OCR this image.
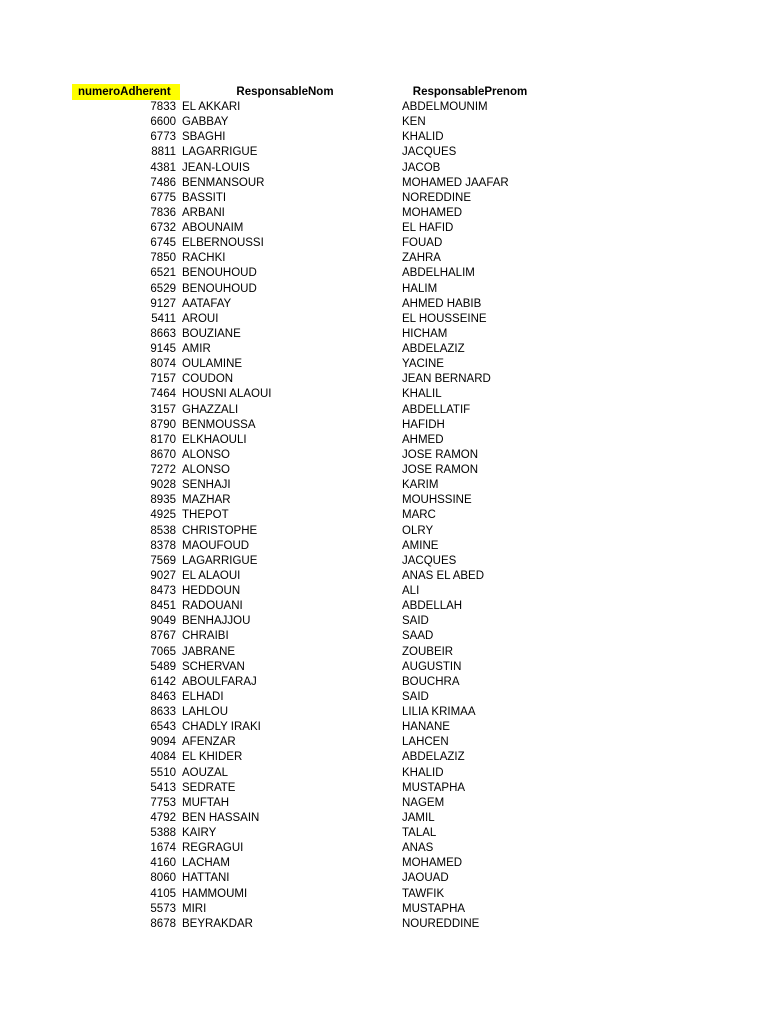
numeroAdherent	ResponsableNom	ResponsablePrenom
7833 EL AKKARI	ABDELMOUNIM
6600 GABBAY	KEN
6773 SBAGHI	KHALID
8811 LAGARRIGUE	JACQUES
4381 JEAN-LOUIS	JACOB
7486 BENMANSOUR	MOHAMED JAAFAR
6775 BASSITI	NOREDDINE
7836 ARBANI	MOHAMED
6732 ABOUNAIM	EL HAFID
6745 ELBERNOUSSI	FOUAD
7850 RACHKI	ZAHRA
6521 BENOUHOUD	ABDELHALIM
6529 BENOUHOUD	HALIM
9127 AATAFAY	AHMED HABIB
5411 AROUI	EL HOUSSEINE
8663 BOUZIANE	HICHAM
9145 AMIR	ABDELAZIZ
8074 OULAMINE	YACINE
7157 COUDON	JEAN BERNARD
7464 HOUSNI ALAOUI	KHALIL
3157 GHAZZALI	ABDELLATIF
8790 BENMOUSSA	HAFIDH
8170 ELKHAOULI	AHMED
8670 ALONSO	JOSE RAMON
7272 ALONSO	JOSE RAMON
9028 SENHAJI	KARIM
8935 MAZHAR	MOUHSSINE
4925 THEPOT	MARC
8538 CHRISTOPHE	OLRY
8378 MAOUFOUD	AMINE
7569 LAGARRIGUE	JACQUES
9027 EL ALAOUI	ANAS EL ABED
8473 HEDDOUN	ALI
8451 RADOUANI	ABDELLAH
9049 BENHAJJOU	SAID
8767 CHRAIBI	SAAD
7065 JABRANE	ZOUBEIR
5489 SCHERVAN	AUGUSTIN
6142 ABOULFARAJ	BOUCHRA
8463 ELHADI	SAID
8633 LAHLOU	LILIA KRIMAA
6543 CHADLY IRAKI	HANANE
9094 AFENZAR	LAHCEN
4084 EL KHIDER	ABDELAZIZ
5510 AOUZAL	KHALID
5413 SEDRATE	MUSTAPHA
7753 MUFTAH	NAGEM
4792 BEN HASSAIN	JAMIL
5388 KAIRY	TALAL
1674 REGRAGUI	ANAS
4160 LACHAM	MOHAMED
8060 HATTANI	JAOUAD
4105 HAMMOUMI	TAWFIK
5573 MIRI	MUSTAPHA
8678 BEYRAKDAR	NOUREDDINE
